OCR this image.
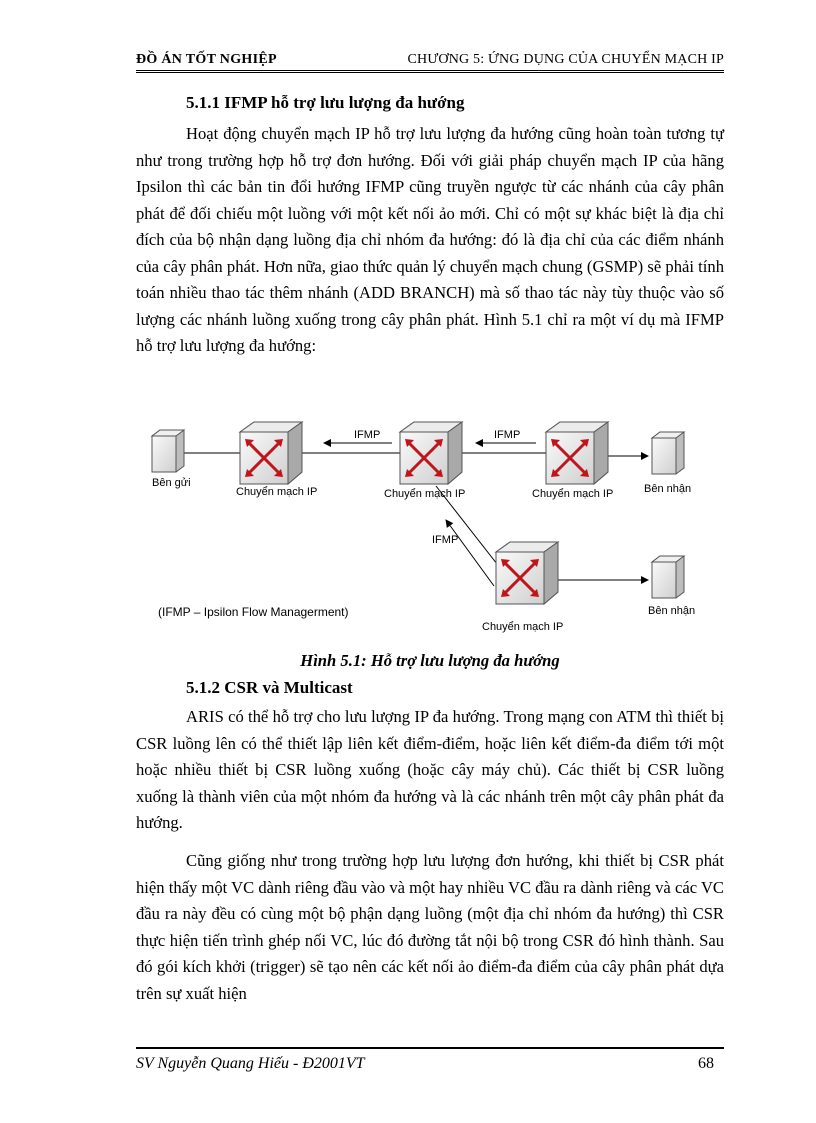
ĐỒ ÁN TỐT NGHIỆP	CHƯƠNG 5: ỨNG DỤNG CỦA CHUYỂN MẠCH IP
5.1.1 IFMP hỗ trợ lưu lượng đa hướng
Hoạt động chuyển mạch IP hỗ trợ lưu lượng đa hướng cũng hoàn toàn tương tự như trong trường hợp hỗ trợ đơn hướng. Đối với giải pháp chuyển mạch IP của hãng Ipsilon thì các bản tin đổi hướng IFMP cũng truyền ngược từ các nhánh của cây phân phát để đối chiếu một luồng với một kết nối ảo mới. Chỉ có một sự khác biệt là địa chỉ đích của bộ nhận dạng luồng địa chỉ nhóm đa hướng: đó là địa chỉ của các điểm nhánh của cây phân phát. Hơn nữa, giao thức quản lý chuyển mạch chung (GSMP) sẽ phải tính toán nhiều thao tác thêm nhánh (ADD BRANCH) mà số thao tác này tùy thuộc vào số lượng các nhánh luồng xuống trong cây phân phát. Hình 5.1 chỉ ra một ví dụ mà IFMP hỗ trợ lưu lượng đa hướng:
IFMP	IFMP
IFMP
Bên gửi
Chuyển mạch IP	Chuyển mạch IP	Chuyển mạch IP	Bên nhận
Chuyển mạch IP
Bên nhận
(IFMP – Ipsilon Flow Managerment)
Hình 5.1: Hỗ trợ lưu lượng đa hướng
5.1.2 CSR và Multicast
ARIS có thể hỗ trợ cho lưu lượng IP đa hướng. Trong mạng con ATM thì thiết bị CSR luồng lên có thể thiết lập liên kết điểm-điểm, hoặc liên kết điểm-đa điểm tới một hoặc nhiều thiết bị CSR luồng xuống (hoặc cây máy chủ). Các thiết bị CSR luồng xuống là thành viên của một nhóm đa hướng và là các nhánh trên một cây phân phát đa hướng.
Cũng giống như trong trường hợp lưu lượng đơn hướng, khi thiết bị CSR phát hiện thấy một VC dành riêng đầu vào và một hay nhiều VC đầu ra dành riêng và các VC đầu ra này đều có cùng một bộ phận dạng luồng (một địa chỉ nhóm đa hướng) thì CSR thực hiện tiến trình ghép nối VC, lúc đó đường tắt nội bộ trong CSR đó hình thành. Sau đó gói kích khởi (trigger) sẽ tạo nên các kết nối ảo điểm-đa điểm của cây phân phát dựa trên sự xuất hiện
SV Nguyễn Quang Hiếu - Đ2001VT	68
